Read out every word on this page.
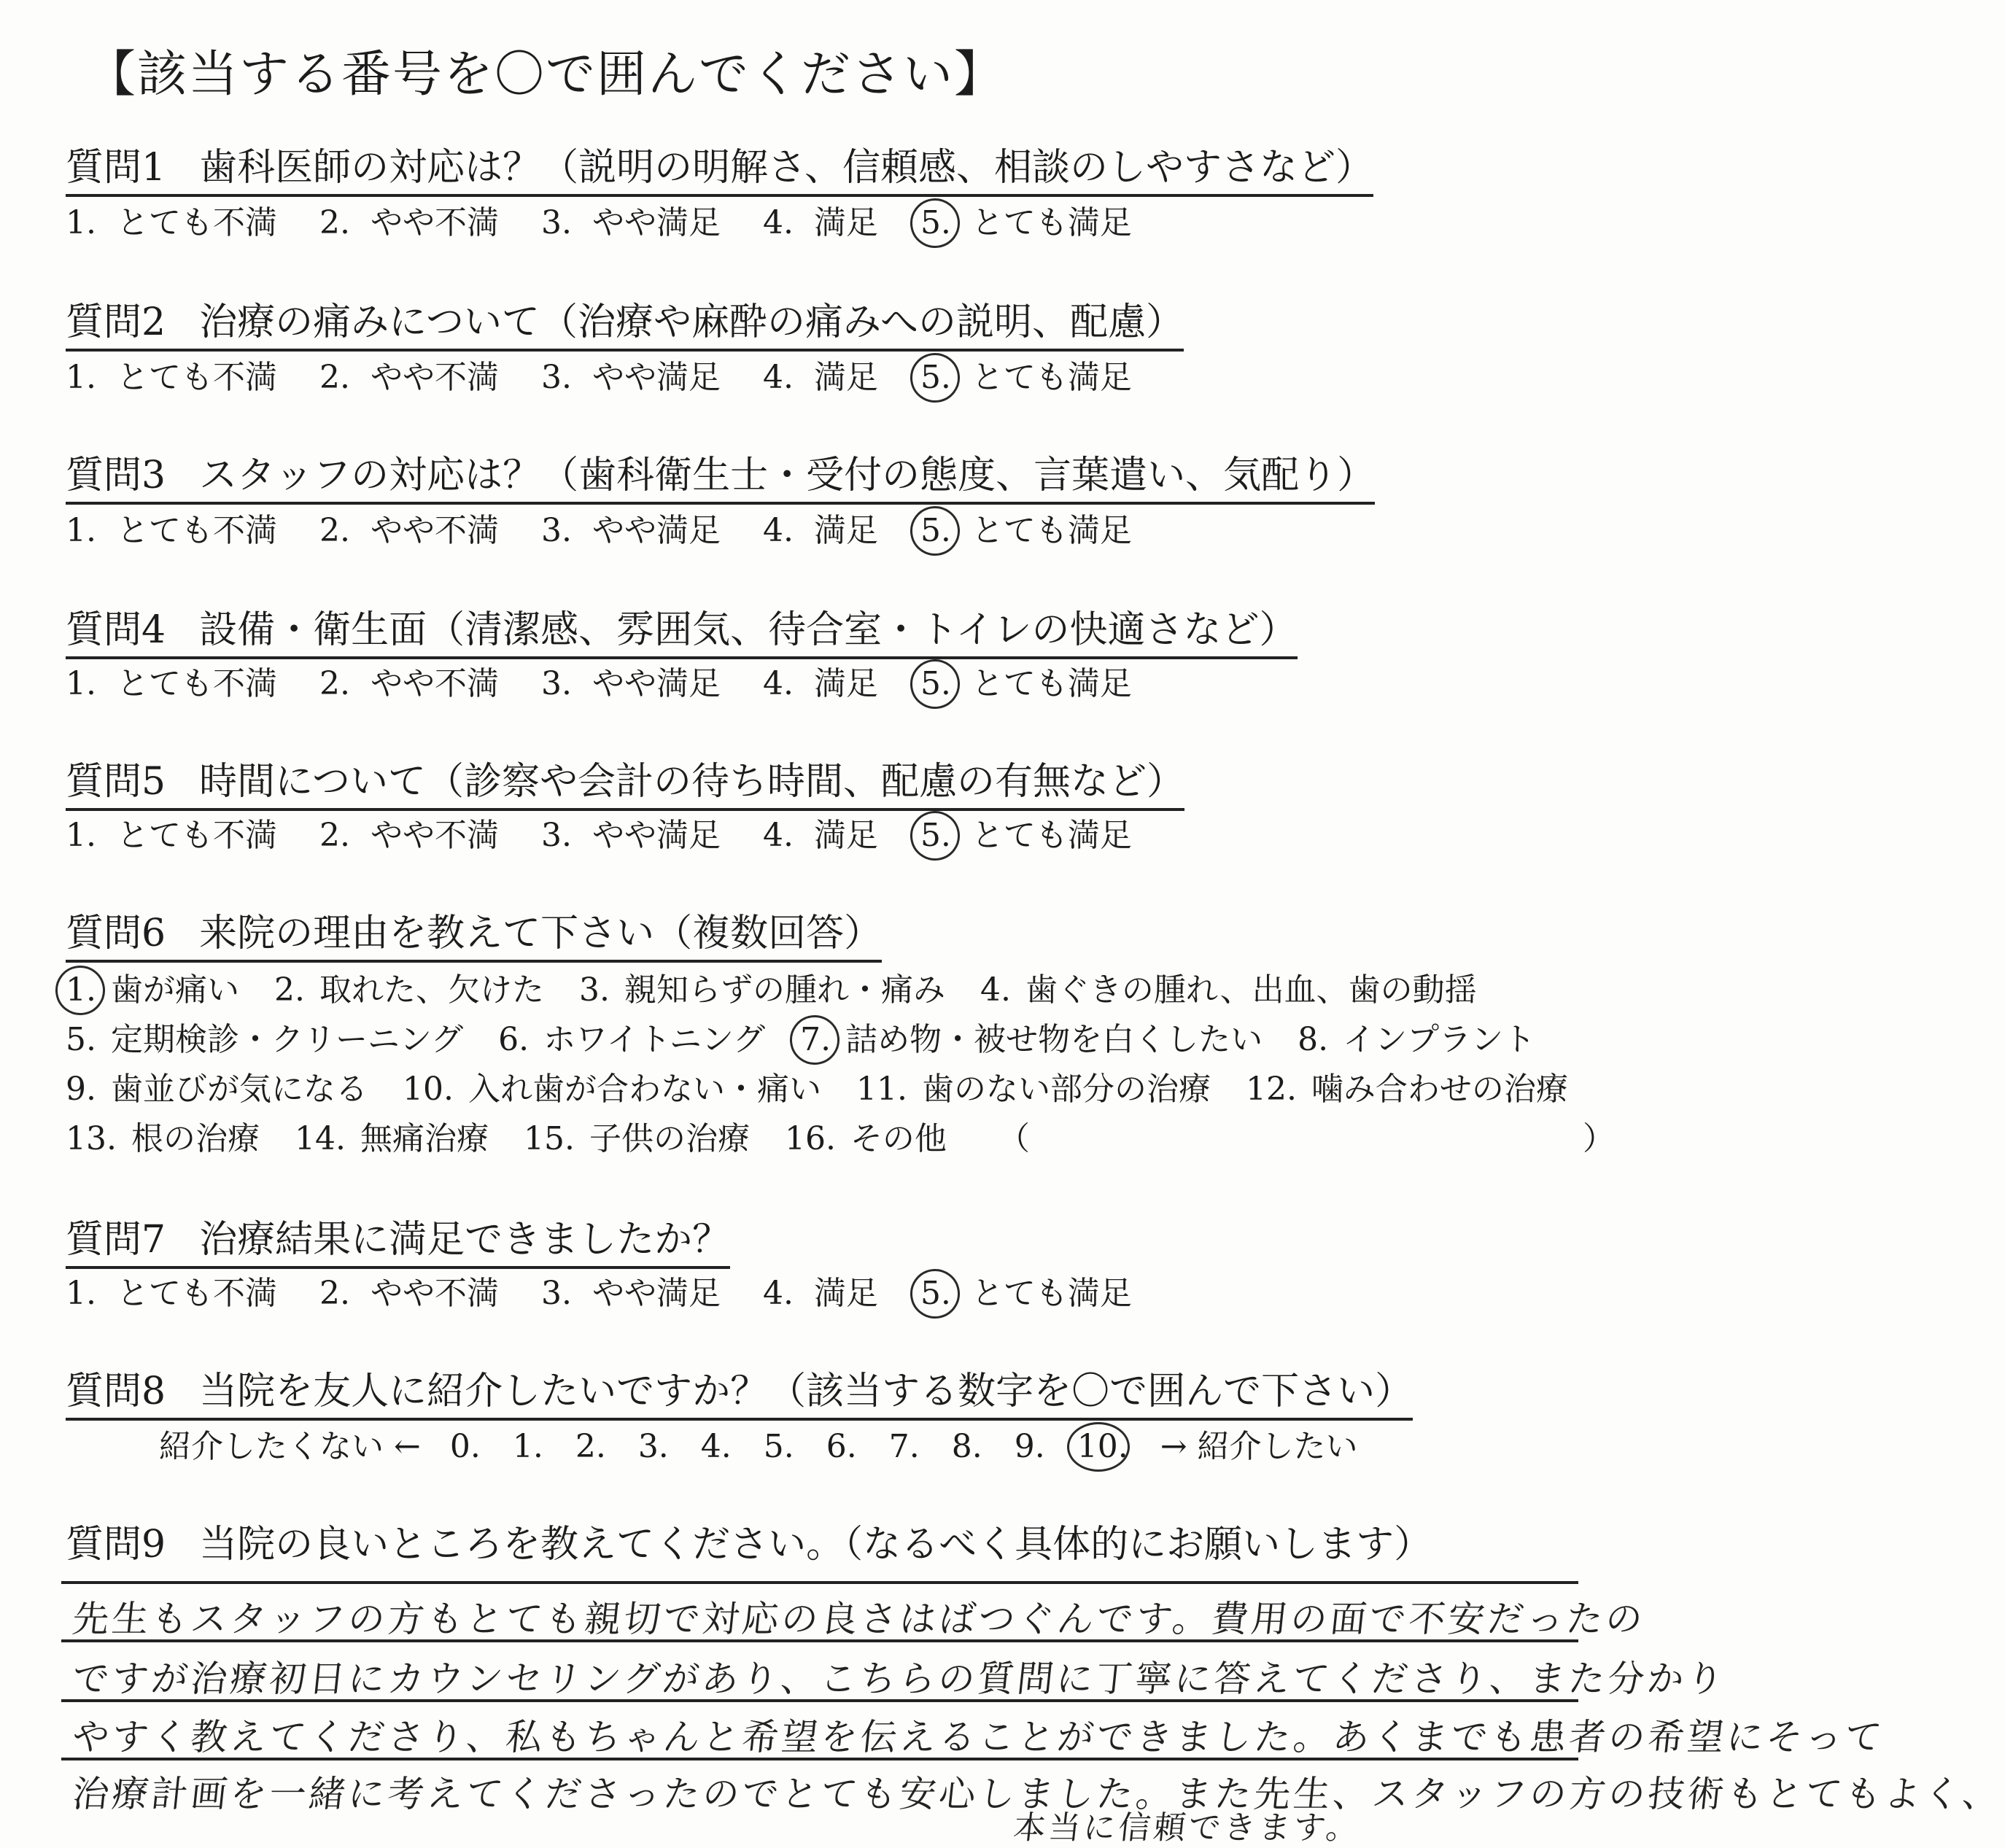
【該当する番号を〇で囲んでください】
質問1 歯科医師の対応は？（説明の明解さ、信頼感、相談のしやすさなど）
1. とても不満 2. やや不満 3. やや満足 4. 満足 5. とても満足
質問2 治療の痛みについて（治療や麻酔の痛みへの説明、配慮）
1. とても不満 2. やや不満 3. やや満足 4. 満足 5. とても満足
質問3 スタッフの対応は？（歯科衛生士・受付の態度、言葉遣い、気配り）
1. とても不満 2. やや不満 3. やや満足 4. 満足 5. とても満足
質問4 設備・衛生面（清潔感、雰囲気、待合室・トイレの快適さなど）
1. とても不満 2. やや不満 3. やや満足 4. 満足 5. とても満足
質問5 時間について（診察や会計の待ち時間、配慮の有無など）
1. とても不満 2. やや不満 3. やや満足 4. 満足 5. とても満足
質問6 来院の理由を教えて下さい（複数回答）
1. 歯が痛い 2. 取れた、欠けた 3. 親知らずの腫れ・痛み 4. 歯ぐきの腫れ、出血、歯の動揺
5. 定期検診・クリーニング 6. ホワイトニング 7. 詰め物・被せ物を白くしたい 8. インプラント
9. 歯並びが気になる 10. 入れ歯が合わない・痛い 11. 歯のない部分の治療 12. 噛み合わせの治療
13. 根の治療 14. 無痛治療 15. 子供の治療 16. その他 （	）
質問7 治療結果に満足できましたか？
1. とても不満 2. やや不満 3. やや満足 4. 満足 5. とても満足
質問8 当院を友人に紹介したいですか？（該当する数字を〇で囲んで下さい）
紹介したくない ← 0. 1. 2. 3. 4. 5. 6. 7. 8. 9. 10. → 紹介したい
質問9 当院の良いところを教えてください。（なるべく具体的にお願いします）
先生もスタッフの方もとても親切で対応の良さはばつぐんです。費用の面で不安だったの
ですが治療初日にカウンセリングがあり、こちらの質問に丁寧に答えてくださり、また分かり
やすく教えてくださり、私もちゃんと希望を伝えることができました。あくまでも患者の希望にそって
治療計画を一緒に考えてくださったのでとても安心しました。また先生、スタッフの方の技術もとてもよく、
本当に信頼できます。
